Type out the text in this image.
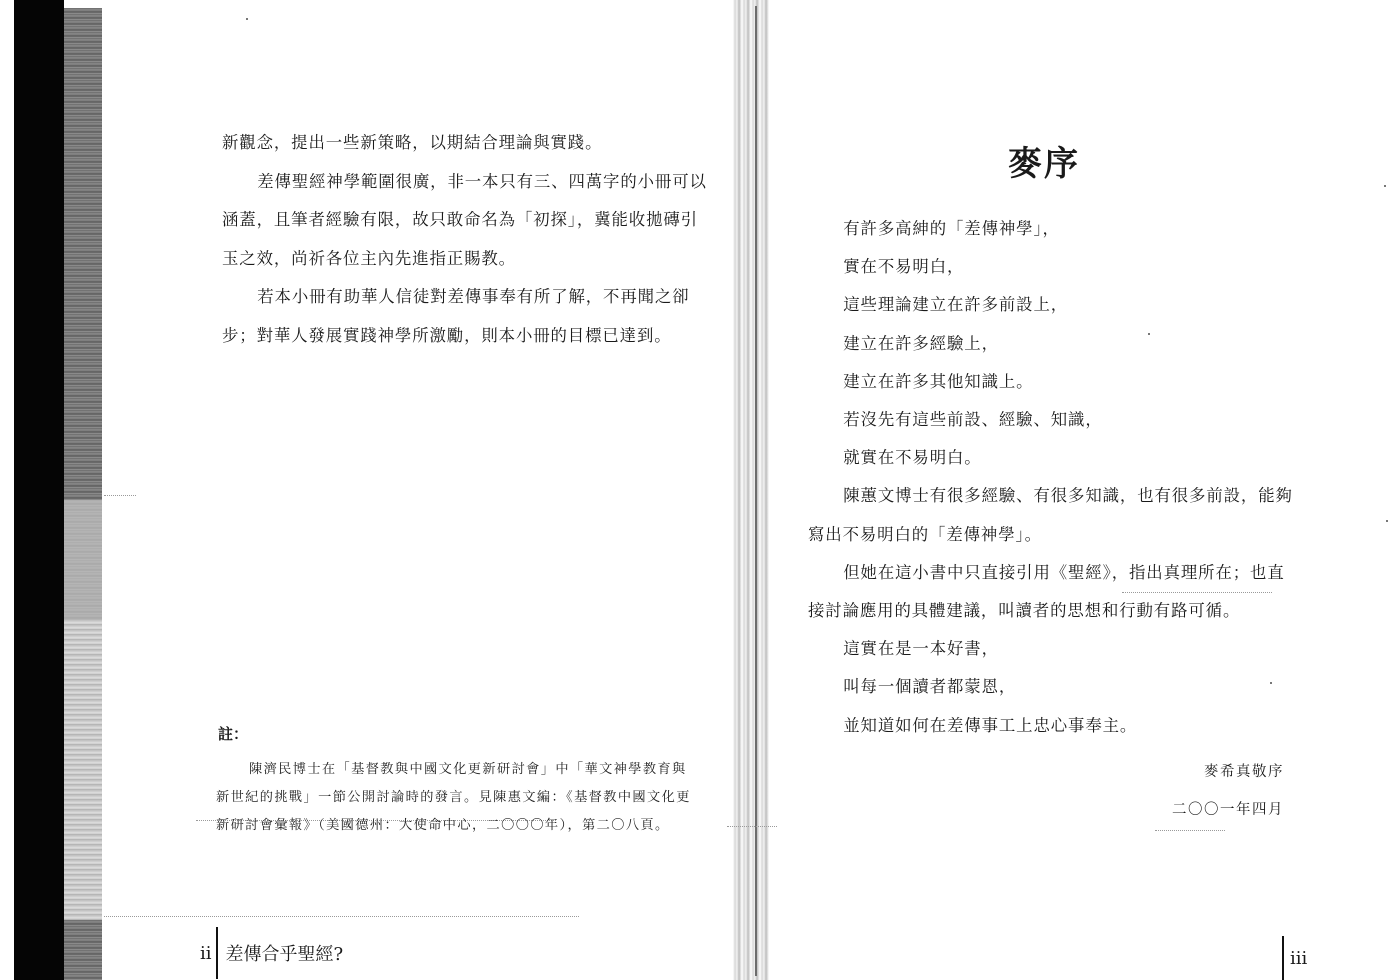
新觀念，提出一些新策略，以期結合理論與實踐。

差傳聖經神學範圍很廣，非一本只有三、四萬字的小冊可以涵蓋，且筆者經驗有限，故只敢命名為「初探」，冀能收拋磚引玉之效，尚祈各位主內先進指正賜教。

若本小冊有助華人信徒對差傳事奉有所了解，不再聞之卻步；對華人發展實踐神學所激勵，則本小冊的目標已達到。

註：

陳濟民博士在「基督教與中國文化更新研討會」中「華文神學教育與新世紀的挑戰」一節公開討論時的發言。見陳惠文編：《基督教中國文化更新研討會彙報》（美國德州：大使命中心，二〇〇〇年），第二〇八頁。

ii 差傳合乎聖經?
麥序

有許多高紳的「差傳神學」，

實在不易明白，

這些理論建立在許多前設上，

建立在許多經驗上，

建立在許多其他知識上。

若沒先有這些前設、經驗、知識，

就實在不易明白。

陳蕙文博士有很多經驗、有很多知識，也有很多前設，能夠寫出不易明白的「差傳神學」。

但她在這小書中只直接引用《聖經》，指出真理所在；也直接討論應用的具體建議，叫讀者的思想和行動有路可循。

這實在是一本好書，

叫每一個讀者都蒙恩，

並知道如何在差傳事工上忠心事奉主。

麥希真敬序
二〇〇一年四月
iii
